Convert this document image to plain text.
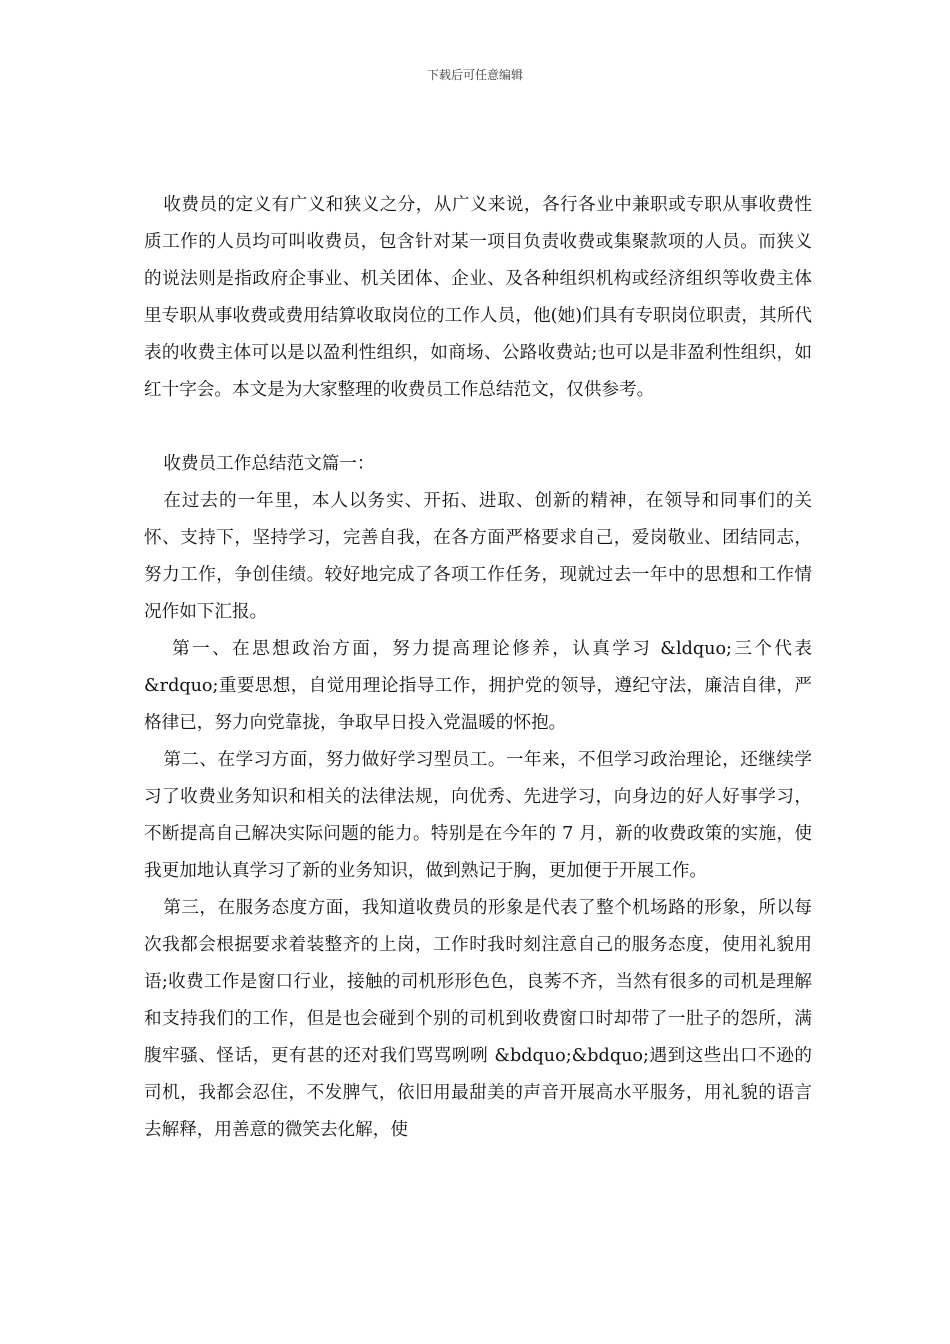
下载后可任意编辑

收费员的定义有广义和狭义之分，从广义来说，各行各业中兼职或专职从事收费性质工作的人员均可叫收费员，包含针对某一项目负责收费或集聚款项的人员。而狭义的说法则是指政府企事业、机关团体、企业、及各种组织机构或经济组织等收费主体里专职从事收费或费用结算收取岗位的工作人员，他(她)们具有专职岗位职责，其所代表的收费主体可以是以盈利性组织，如商场、公路收费站;也可以是非盈利性组织，如红十字会。本文是为大家整理的收费员工作总结范文，仅供参考。

收费员工作总结范文篇一：

在过去的一年里，本人以务实、开拓、进取、创新的精神，在领导和同事们的关怀、支持下，坚持学习，完善自我，在各方面严格要求自己，爱岗敬业、团结同志，努力工作，争创佳绩。较好地完成了各项工作任务，现就过去一年中的思想和工作情况作如下汇报。

第一、在思想政治方面，努力提高理论修养，认真学习 &ldquo;三个代表 &rdquo;重要思想，自觉用理论指导工作，拥护党的领导，遵纪守法，廉洁自律，严格律已，努力向党靠拢，争取早日投入党温暖的怀抱。

第二、在学习方面，努力做好学习型员工。一年来，不但学习政治理论，还继续学习了收费业务知识和相关的法律法规，向优秀、先进学习，向身边的好人好事学习，不断提高自己解决实际问题的能力。特别是在今年的 7 月，新的收费政策的实施，使我更加地认真学习了新的业务知识，做到熟记于胸，更加便于开展工作。

第三，在服务态度方面，我知道收费员的形象是代表了整个机场路的形象，所以每次我都会根据要求着装整齐的上岗，工作时我时刻注意自己的服务态度，使用礼貌用语;收费工作是窗口行业，接触的司机形形色色，良莠不齐，当然有很多的司机是理解和支持我们的工作，但是也会碰到个别的司机到收费窗口时却带了一肚子的怨所，满腹牢骚、怪话，更有甚的还对我们骂骂咧咧 &bdquo;&bdquo;遇到这些出口不逊的司机，我都会忍住，不发脾气，依旧用最甜美的声音开展高水平服务，用礼貌的语言去解释，用善意的微笑去化解，使
